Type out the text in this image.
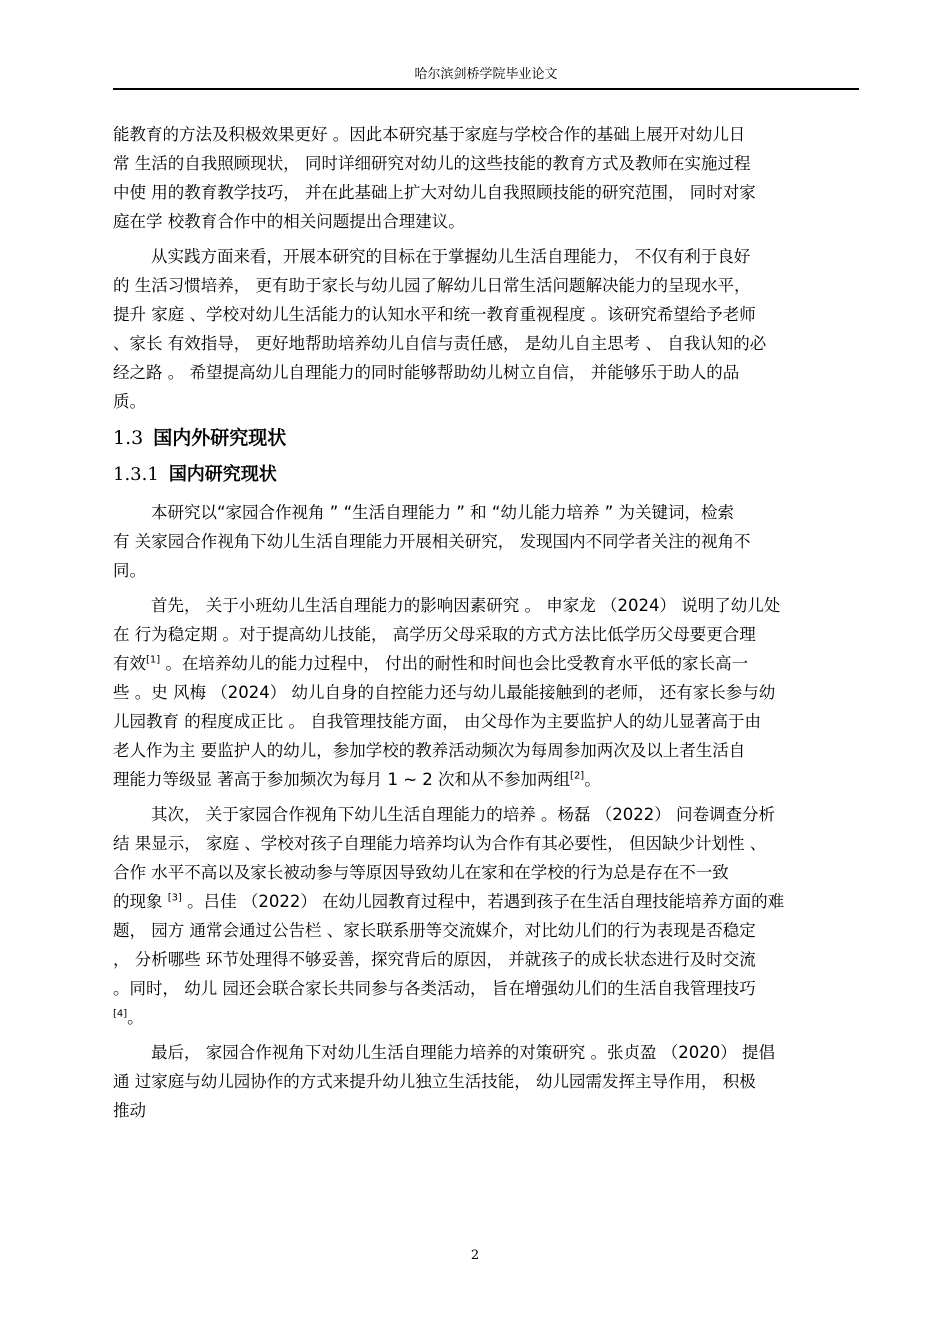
哈尔滨剑桥学院毕业论文

能教育的方法及积极效果更好 。因此本研究基于家庭与学校合作的基础上展开对幼儿日
常 生活的自我照顾现状， 同时详细研究对幼儿的这些技能的教育方式及教师在实施过程
中使 用的教育教学技巧， 并在此基础上扩大对幼儿自我照顾技能的研究范围， 同时对家
庭在学 校教育合作中的相关问题提出合理建议。

从实践方面来看，开展本研究的目标在于掌握幼儿生活自理能力， 不仅有利于良好
的 生活习惯培养， 更有助于家长与幼儿园了解幼儿日常生活问题解决能力的呈现水平，
提升 家庭 、学校对幼儿生活能力的认知水平和统一教育重视程度 。该研究希望给予老师
、家长 有效指导， 更好地帮助培养幼儿自信与责任感， 是幼儿自主思考 、 自我认知的必
经之路 。 希望提高幼儿自理能力的同时能够帮助幼儿树立自信， 并能够乐于助人的品
质。

1.3 国内外研究现状
1.3.1 国内研究现状

本研究以“家园合作视角 ” “生活自理能力 ” 和 “幼儿能力培养 ” 为关键词，检索
有 关家园合作视角下幼儿生活自理能力开展相关研究， 发现国内不同学者关注的视角不
同。

首先， 关于小班幼儿生活自理能力的影响因素研究 。 申家龙 （2024） 说明了幼儿处
在 行为稳定期 。对于提高幼儿技能， 高学历父母采取的方式方法比低学历父母要更合理
有效[1] 。在培养幼儿的能力过程中， 付出的耐性和时间也会比受教育水平低的家长高一
些 。史 风梅 （2024） 幼儿自身的自控能力还与幼儿最能接触到的老师， 还有家长参与幼
儿园教育 的程度成正比 。 自我管理技能方面， 由父母作为主要监护人的幼儿显著高于由
老人作为主 要监护人的幼儿，参加学校的教养活动频次为每周参加两次及以上者生活自
理能力等级显 著高于参加频次为每月 1 ~ 2 次和从不参加两组[2]。

其次， 关于家园合作视角下幼儿生活自理能力的培养 。杨磊 （2022） 问卷调查分析
结 果显示， 家庭 、学校对孩子自理能力培养均认为合作有其必要性， 但因缺少计划性 、
合作 水平不高以及家长被动参与等原因导致幼儿在家和在学校的行为总是存在不一致
的现象 [3] 。吕佳 （2022） 在幼儿园教育过程中，若遇到孩子在生活自理技能培养方面的难
题， 园方 通常会通过公告栏 、家长联系册等交流媒介，对比幼儿们的行为表现是否稳定
， 分析哪些 环节处理得不够妥善，探究背后的原因， 并就孩子的成长状态进行及时交流
。同时， 幼儿 园还会联合家长共同参与各类活动， 旨在增强幼儿们的生活自我管理技巧
[4]。

最后， 家园合作视角下对幼儿生活自理能力培养的对策研究 。张贞盈 （2020） 提倡
通 过家庭与幼儿园协作的方式来提升幼儿独立生活技能， 幼儿园需发挥主导作用， 积极
推动

2
